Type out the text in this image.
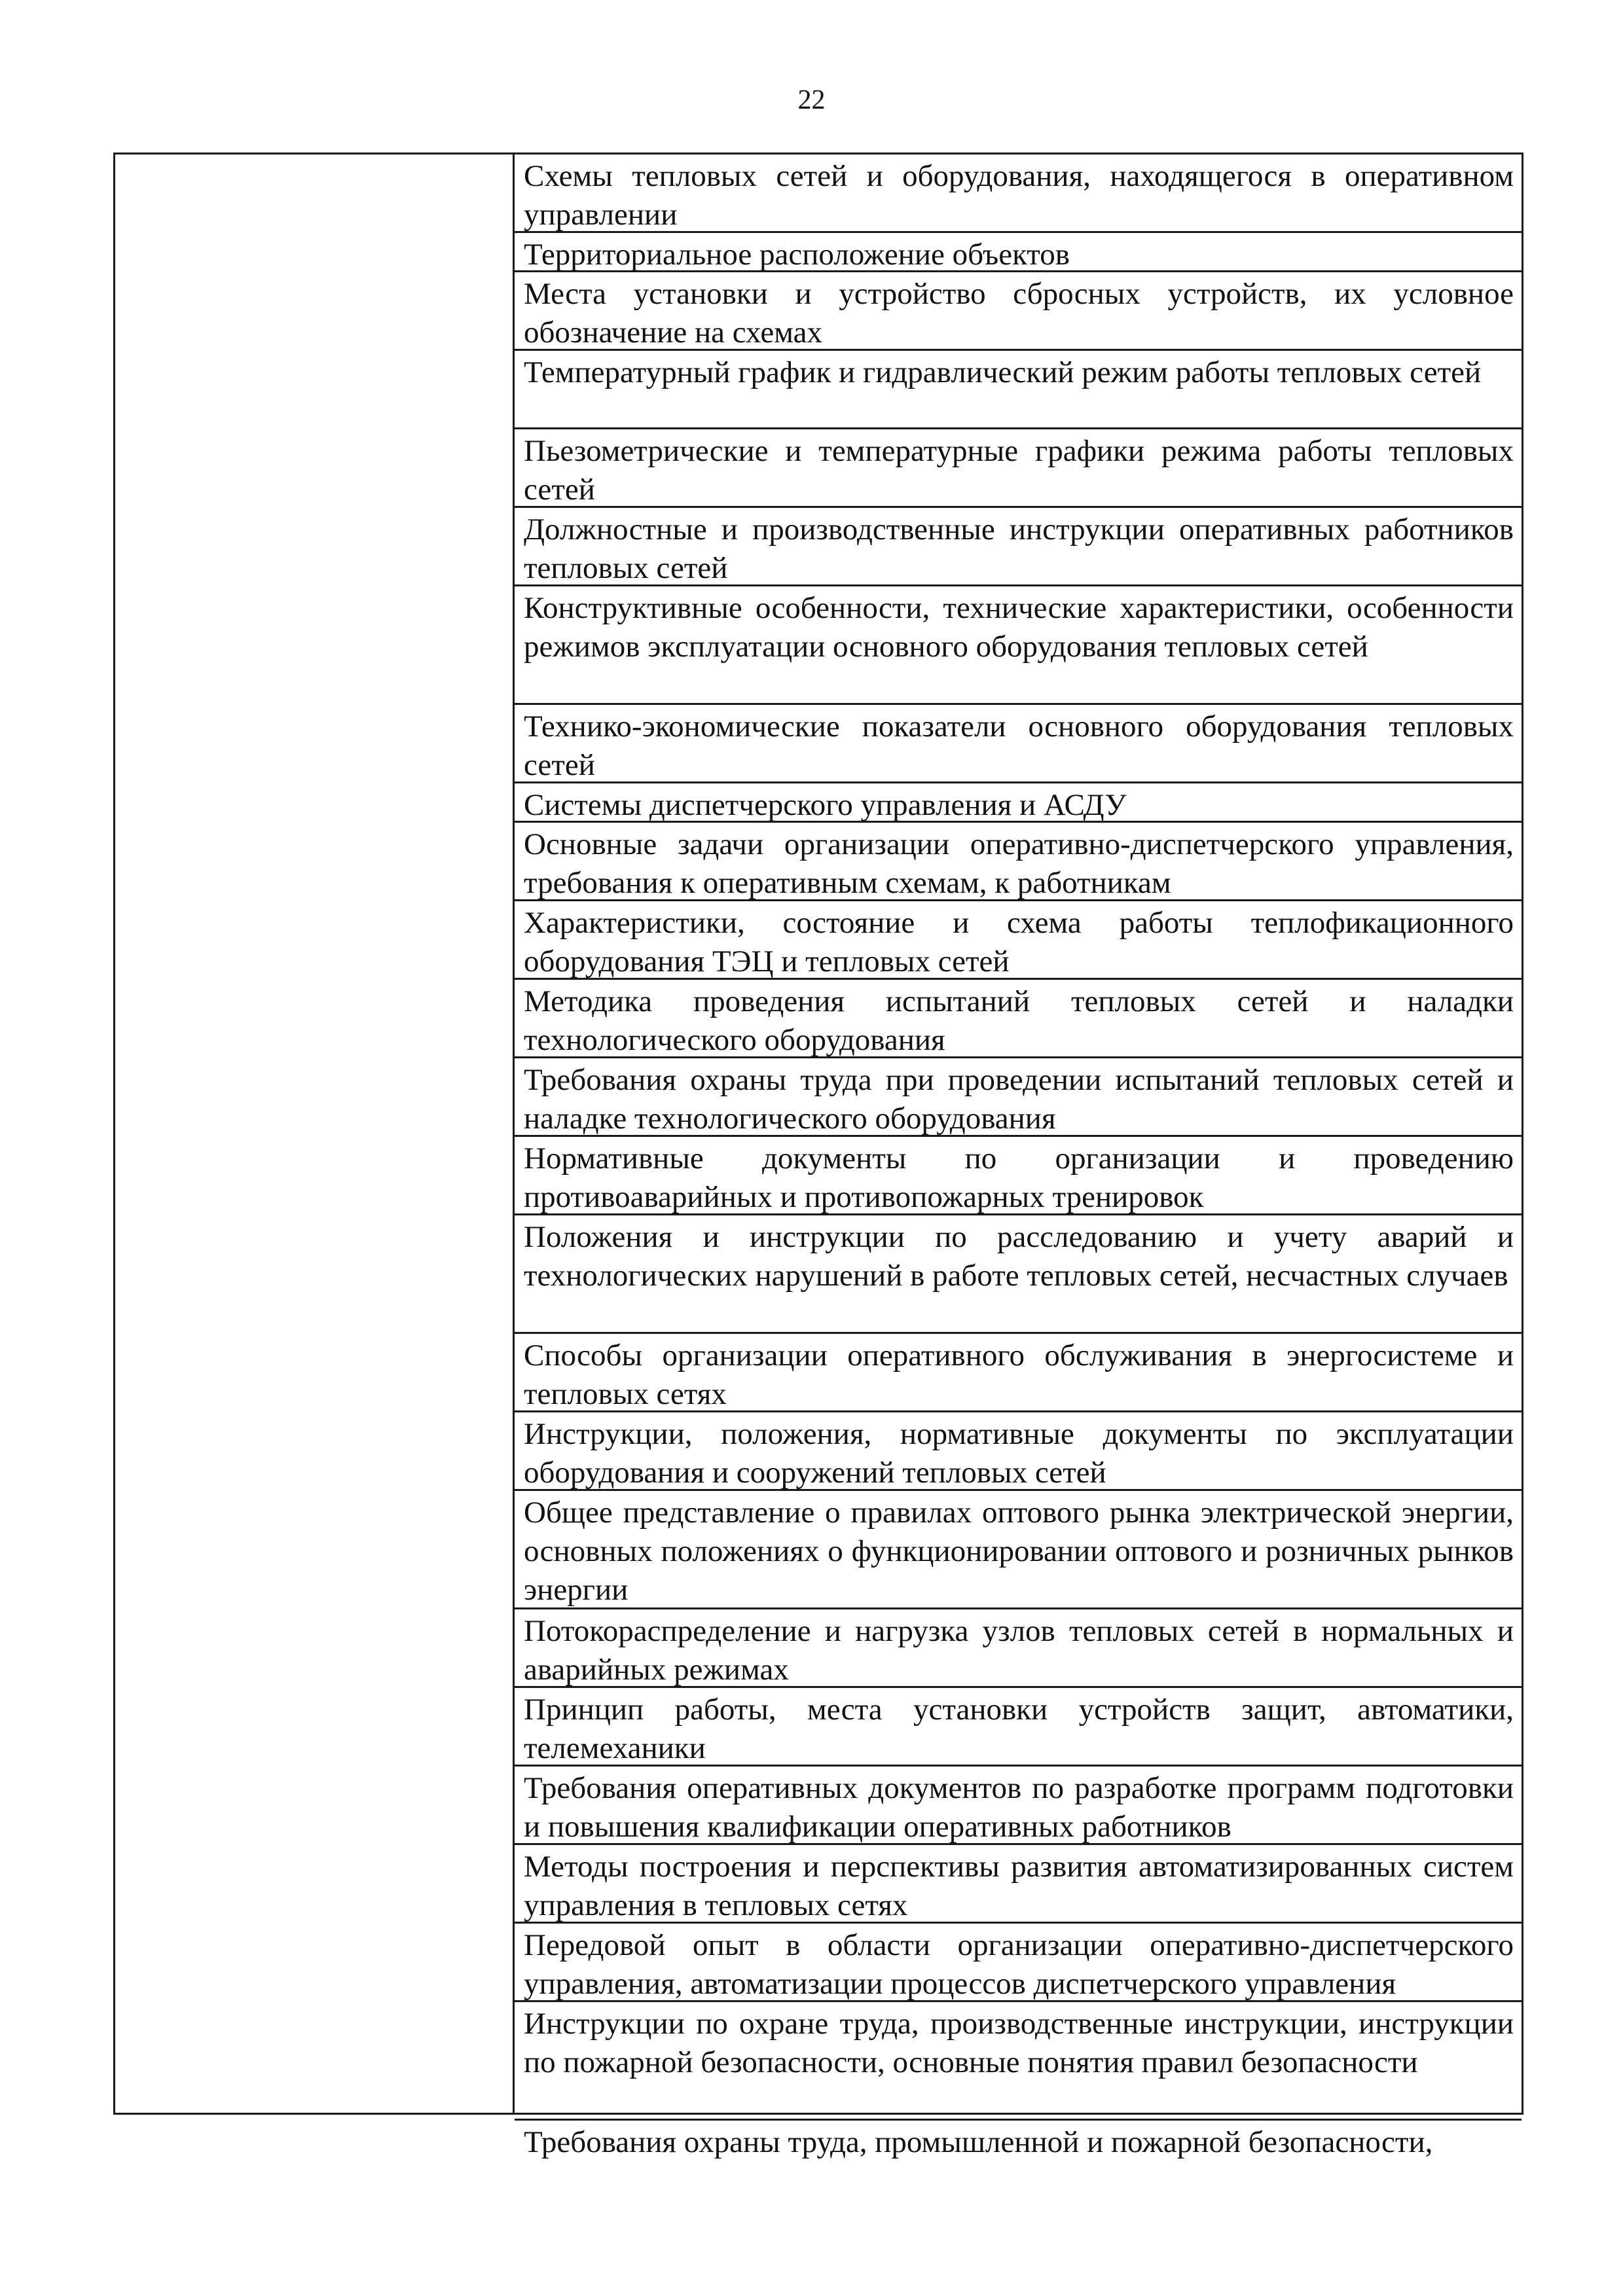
22
Схемы тепловых сетей и оборудования, находящегося в оперативном управлении
Территориальное расположение объектов
Места установки и устройство сбросных устройств, их условное обозначение на схемах
Температурный график и гидравлический режим работы тепловых сетей
Пьезометрические и температурные графики режима работы тепловых сетей
Должностные и производственные инструкции оперативных работников тепловых сетей
Конструктивные особенности, технические характеристики, особенности режимов эксплуатации основного оборудования тепловых сетей
Технико-экономические показатели основного оборудования тепловых сетей
Системы диспетчерского управления и АСДУ
Основные задачи организации оперативно-диспетчерского управления, требования к оперативным схемам, к работникам
Характеристики, состояние и схема работы теплофикационного оборудования ТЭЦ и тепловых сетей
Методика проведения испытаний тепловых сетей и наладки технологического оборудования
Требования охраны труда при проведении испытаний тепловых сетей и наладке технологического оборудования
Нормативные документы по организации и проведению противоаварийных и противопожарных тренировок
Положения и инструкции по расследованию и учету аварий и технологических нарушений в работе тепловых сетей, несчастных случаев
Способы организации оперативного обслуживания в энергосистеме и тепловых сетях
Инструкции, положения, нормативные документы по эксплуатации оборудования и сооружений тепловых сетей
Общее представление о правилах оптового рынка электрической энергии, основных положениях о функционировании оптового и розничных рынков энергии
Потокораспределение и нагрузка узлов тепловых сетей в нормальных и аварийных режимах
Принцип работы, места установки устройств защит, автоматики, телемеханики
Требования оперативных документов по разработке программ подготовки и повышения квалификации оперативных работников
Методы построения и перспективы развития автоматизированных систем управления в тепловых сетях
Передовой опыт в области организации оперативно-диспетчерского управления, автоматизации процессов диспетчерского управления
Инструкции по охране труда, производственные инструкции, инструкции по пожарной безопасности, основные понятия правил безопасности
Требования охраны труда, промышленной и пожарной безопасности,
